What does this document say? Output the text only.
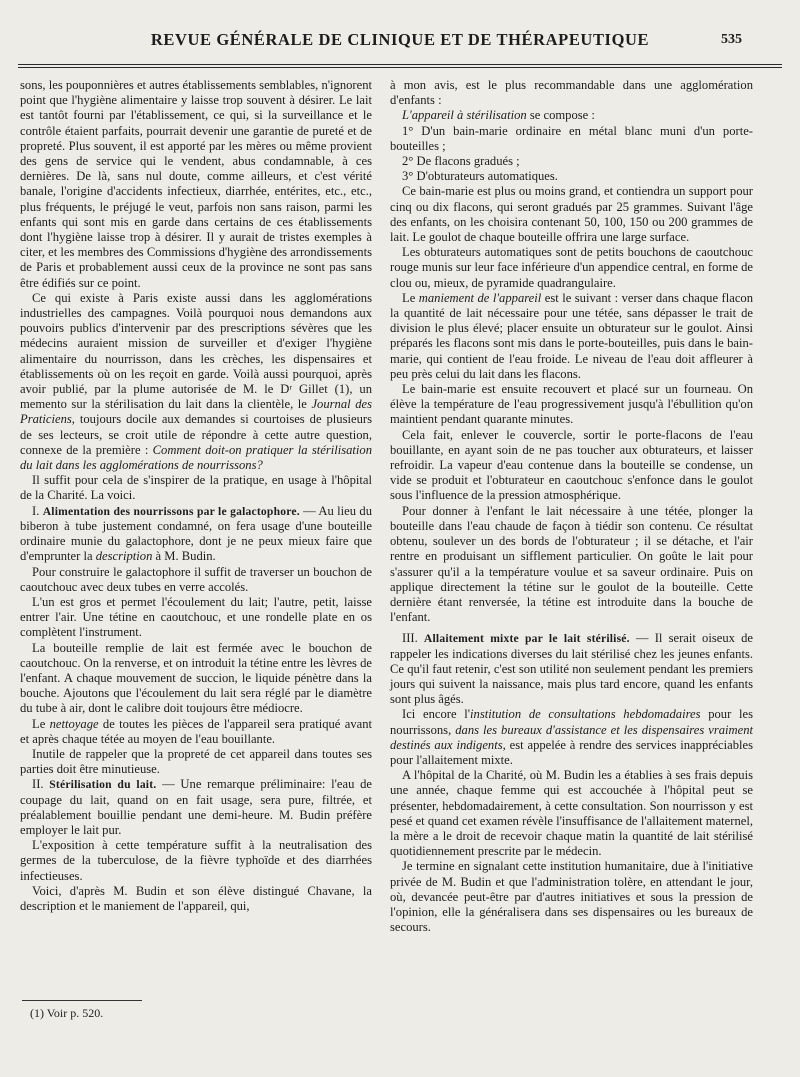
REVUE GÉNÉRALE DE CLINIQUE ET DE THÉRAPEUTIQUE	535

sons, les pouponnières et autres établissements semblables, n'ignorent point que l'hygiène alimentaire y laisse trop souvent à désirer. Le lait est tantôt fourni par l'établissement, ce qui, si la surveillance et le contrôle étaient parfaits, pourrait devenir une garantie de pureté et de propreté. Plus souvent, il est apporté par les mères ou même provient des gens de service qui le vendent, abus condamnable, à ces dernières. De là, sans nul doute, comme ailleurs, et c'est vérité banale, l'origine d'accidents infectieux, diarrhée, entérites, etc., etc., plus fréquents, le préjugé le veut, parfois non sans raison, parmi les enfants qui sont mis en garde dans certains de ces établissements dont l'hygiène laisse trop à désirer. Il y aurait de tristes exemples à citer, et les membres des Commissions d'hygiène des arrondissements de Paris et probablement aussi ceux de la province ne sont pas sans être édifiés sur ce point.

Ce qui existe à Paris existe aussi dans les agglomérations industrielles des campagnes. Voilà pourquoi nous demandons aux pouvoirs publics d'intervenir par des prescriptions sévères que les médecins auraient mission de surveiller et d'exiger l'hygiène alimentaire du nourrisson, dans les crèches, les dispensaires et établissements où on les reçoit en garde. Voilà aussi pourquoi, après avoir publié, par la plume autorisée de M. le Dʳ Gillet (1), un memento sur la stérilisation du lait dans la clientèle, le Journal des Praticiens, toujours docile aux demandes si courtoises de plusieurs de ses lecteurs, se croit utile de répondre à cette autre question, connexe de la première : Comment doit-on pratiquer la stérilisation du lait dans les agglomérations de nourrissons?

Il suffit pour cela de s'inspirer de la pratique, en usage à l'hôpital de la Charité. La voici.

I. Alimentation des nourrissons par le galactophore. — Au lieu du biberon à tube justement condamné, on fera usage d'une bouteille ordinaire munie du galactophore, dont je ne peux mieux faire que d'emprunter la description à M. Budin.

Pour construire le galactophore il suffit de traverser un bouchon de caoutchouc avec deux tubes en verre accolés.

L'un est gros et permet l'écoulement du lait; l'autre, petit, laisse entrer l'air. Une tétine en caoutchouc, et une rondelle plate en os complètent l'instrument.

La bouteille remplie de lait est fermée avec le bouchon de caoutchouc. On la renverse, et on introduit la tétine entre les lèvres de l'enfant. A chaque mouvement de succion, le liquide pénètre dans la bouche. Ajoutons que l'écoulement du lait sera réglé par le diamètre du tube à air, dont le calibre doit toujours être médiocre.

Le nettoyage de toutes les pièces de l'appareil sera pratiqué avant et après chaque tétée au moyen de l'eau bouillante.

Inutile de rappeler que la propreté de cet appareil dans toutes ses parties doit être minutieuse.

II. Stérilisation du lait. — Une remarque préliminaire: l'eau de coupage du lait, quand on en fait usage, sera pure, filtrée, et préalablement bouillie pendant une demi-heure. M. Budin préfère employer le lait pur.

L'exposition à cette température suffit à la neutralisation des germes de la tuberculose, de la fièvre typhoïde et des diarrhées infectieuses.

Voici, d'après M. Budin et son élève distingué Chavane, la description et le maniement de l'appareil, qui,

à mon avis, est le plus recommandable dans une agglomération d'enfants :

L'appareil à stérilisation se compose :

1° D'un bain-marie ordinaire en métal blanc muni d'un porte-bouteilles ;

2° De flacons gradués ;

3° D'obturateurs automatiques.

Ce bain-marie est plus ou moins grand, et contiendra un support pour cinq ou dix flacons, qui seront gradués par 25 grammes. Suivant l'âge des enfants, on les choisira contenant 50, 100, 150 ou 200 grammes de lait. Le goulot de chaque bouteille offrira une large surface.

Les obturateurs automatiques sont de petits bouchons de caoutchouc rouge munis sur leur face inférieure d'un appendice central, en forme de clou ou, mieux, de pyramide quadrangulaire.

Le maniement de l'appareil est le suivant : verser dans chaque flacon la quantité de lait nécessaire pour une tétée, sans dépasser le trait de division le plus élevé; placer ensuite un obturateur sur le goulot. Ainsi préparés les flacons sont mis dans le porte-bouteilles, puis dans le bain-marie, qui contient de l'eau froide. Le niveau de l'eau doit affleurer à peu près celui du lait dans les flacons.

Le bain-marie est ensuite recouvert et placé sur un fourneau. On élève la température de l'eau progressivement jusqu'à l'ébullition qu'on maintient pendant quarante minutes.

Cela fait, enlever le couvercle, sortir le porte-flacons de l'eau bouillante, en ayant soin de ne pas toucher aux obturateurs, et laisser refroidir. La vapeur d'eau contenue dans la bouteille se condense, un vide se produit et l'obturateur en caoutchouc s'enfonce dans le goulot sous l'influence de la pression atmosphérique.

Pour donner à l'enfant le lait nécessaire à une tétée, plonger la bouteille dans l'eau chaude de façon à tiédir son contenu. Ce résultat obtenu, soulever un des bords de l'obturateur ; il se détache, et l'air rentre en produisant un sifflement particulier. On goûte le lait pour s'assurer qu'il a la température voulue et sa saveur ordinaire. Puis on applique directement la tétine sur le goulot de la bouteille. Cette dernière étant renversée, la tétine est introduite dans la bouche de l'enfant.

III. Allaitement mixte par le lait stérilisé. — Il serait oiseux de rappeler les indications diverses du lait stérilisé chez les jeunes enfants. Ce qu'il faut retenir, c'est son utilité non seulement pendant les premiers jours qui suivent la naissance, mais plus tard encore, quand les enfants sont plus âgés.

Ici encore l'institution de consultations hebdomadaires pour les nourrissons, dans les bureaux d'assistance et les dispensaires vraiment destinés aux indigents, est appelée à rendre des services inappréciables pour l'allaitement mixte.

A l'hôpital de la Charité, où M. Budin les a établies à ses frais depuis une année, chaque femme qui est accouchée à l'hôpital peut se présenter, hebdomadairement, à cette consultation. Son nourrisson y est pesé et quand cet examen révèle l'insuffisance de l'allaitement maternel, la mère a le droit de recevoir chaque matin la quantité de lait stérilisé quotidiennement prescrite par le médecin.

Je termine en signalant cette institution humanitaire, due à l'initiative privée de M. Budin et que l'administration tolère, en attendant le jour, où, devancée peut-être par d'autres initiatives et sous la pression de l'opinion, elle la généralisera dans ses dispensaires ou les bureaux de secours.

(1) Voir p. 520.
